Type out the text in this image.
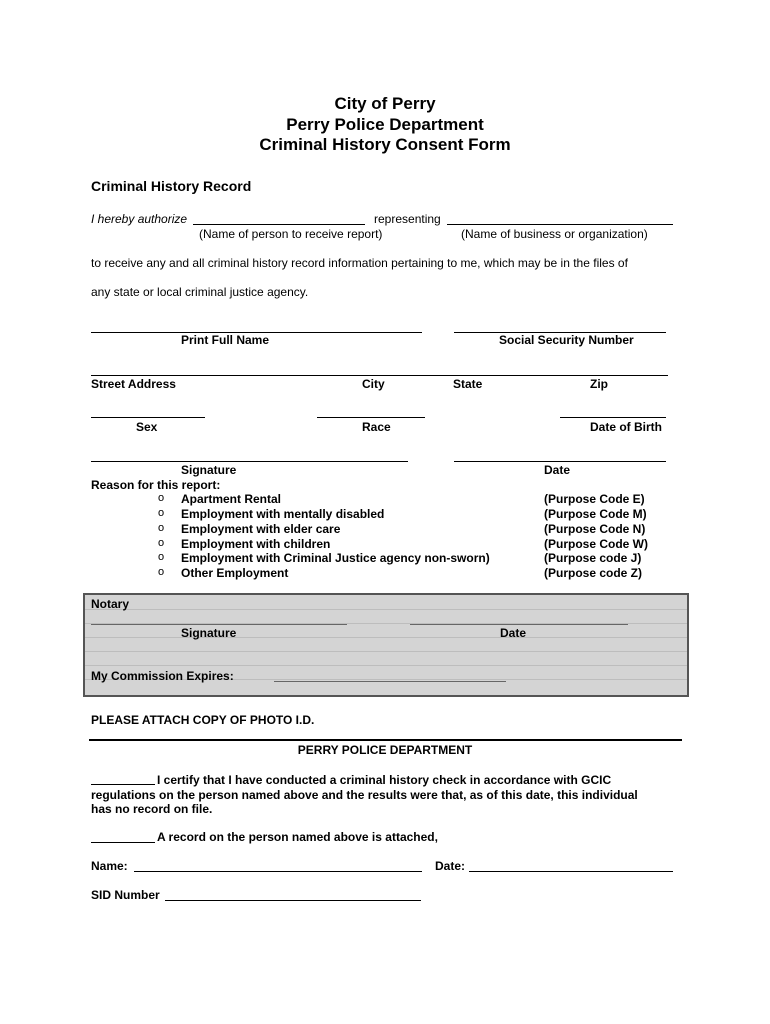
City of Perry
Perry Police Department
Criminal History Consent Form
Criminal History Record
I hereby authorize	representing
(Name of person to receive report)	(Name of business or organization)
to receive any and all criminal history record information pertaining to me, which may be in the files of
any state or local criminal justice agency.
Print Full Name	Social Security Number
Street Address	City	State	Zip
Sex	Race	Date of Birth
Signature	Date
Reason for this report:
o Apartment Rental	(Purpose Code E)
o Employment with mentally disabled	(Purpose Code M)
o Employment with elder care	(Purpose Code N)
o Employment with children	(Purpose Code W)
o Employment with Criminal Justice agency non-sworn)	(Purpose code J)
o Other Employment	(Purpose code Z)
Notary
Signature	Date
My Commission Expires:
PLEASE ATTACH COPY OF PHOTO I.D.
PERRY POLICE DEPARTMENT
I certify that I have conducted a criminal history check in accordance with GCIC
regulations on the person named above and the results were that, as of this date, this individual
has no record on file.
A record on the person named above is attached,
Name:	Date:
SID Number
